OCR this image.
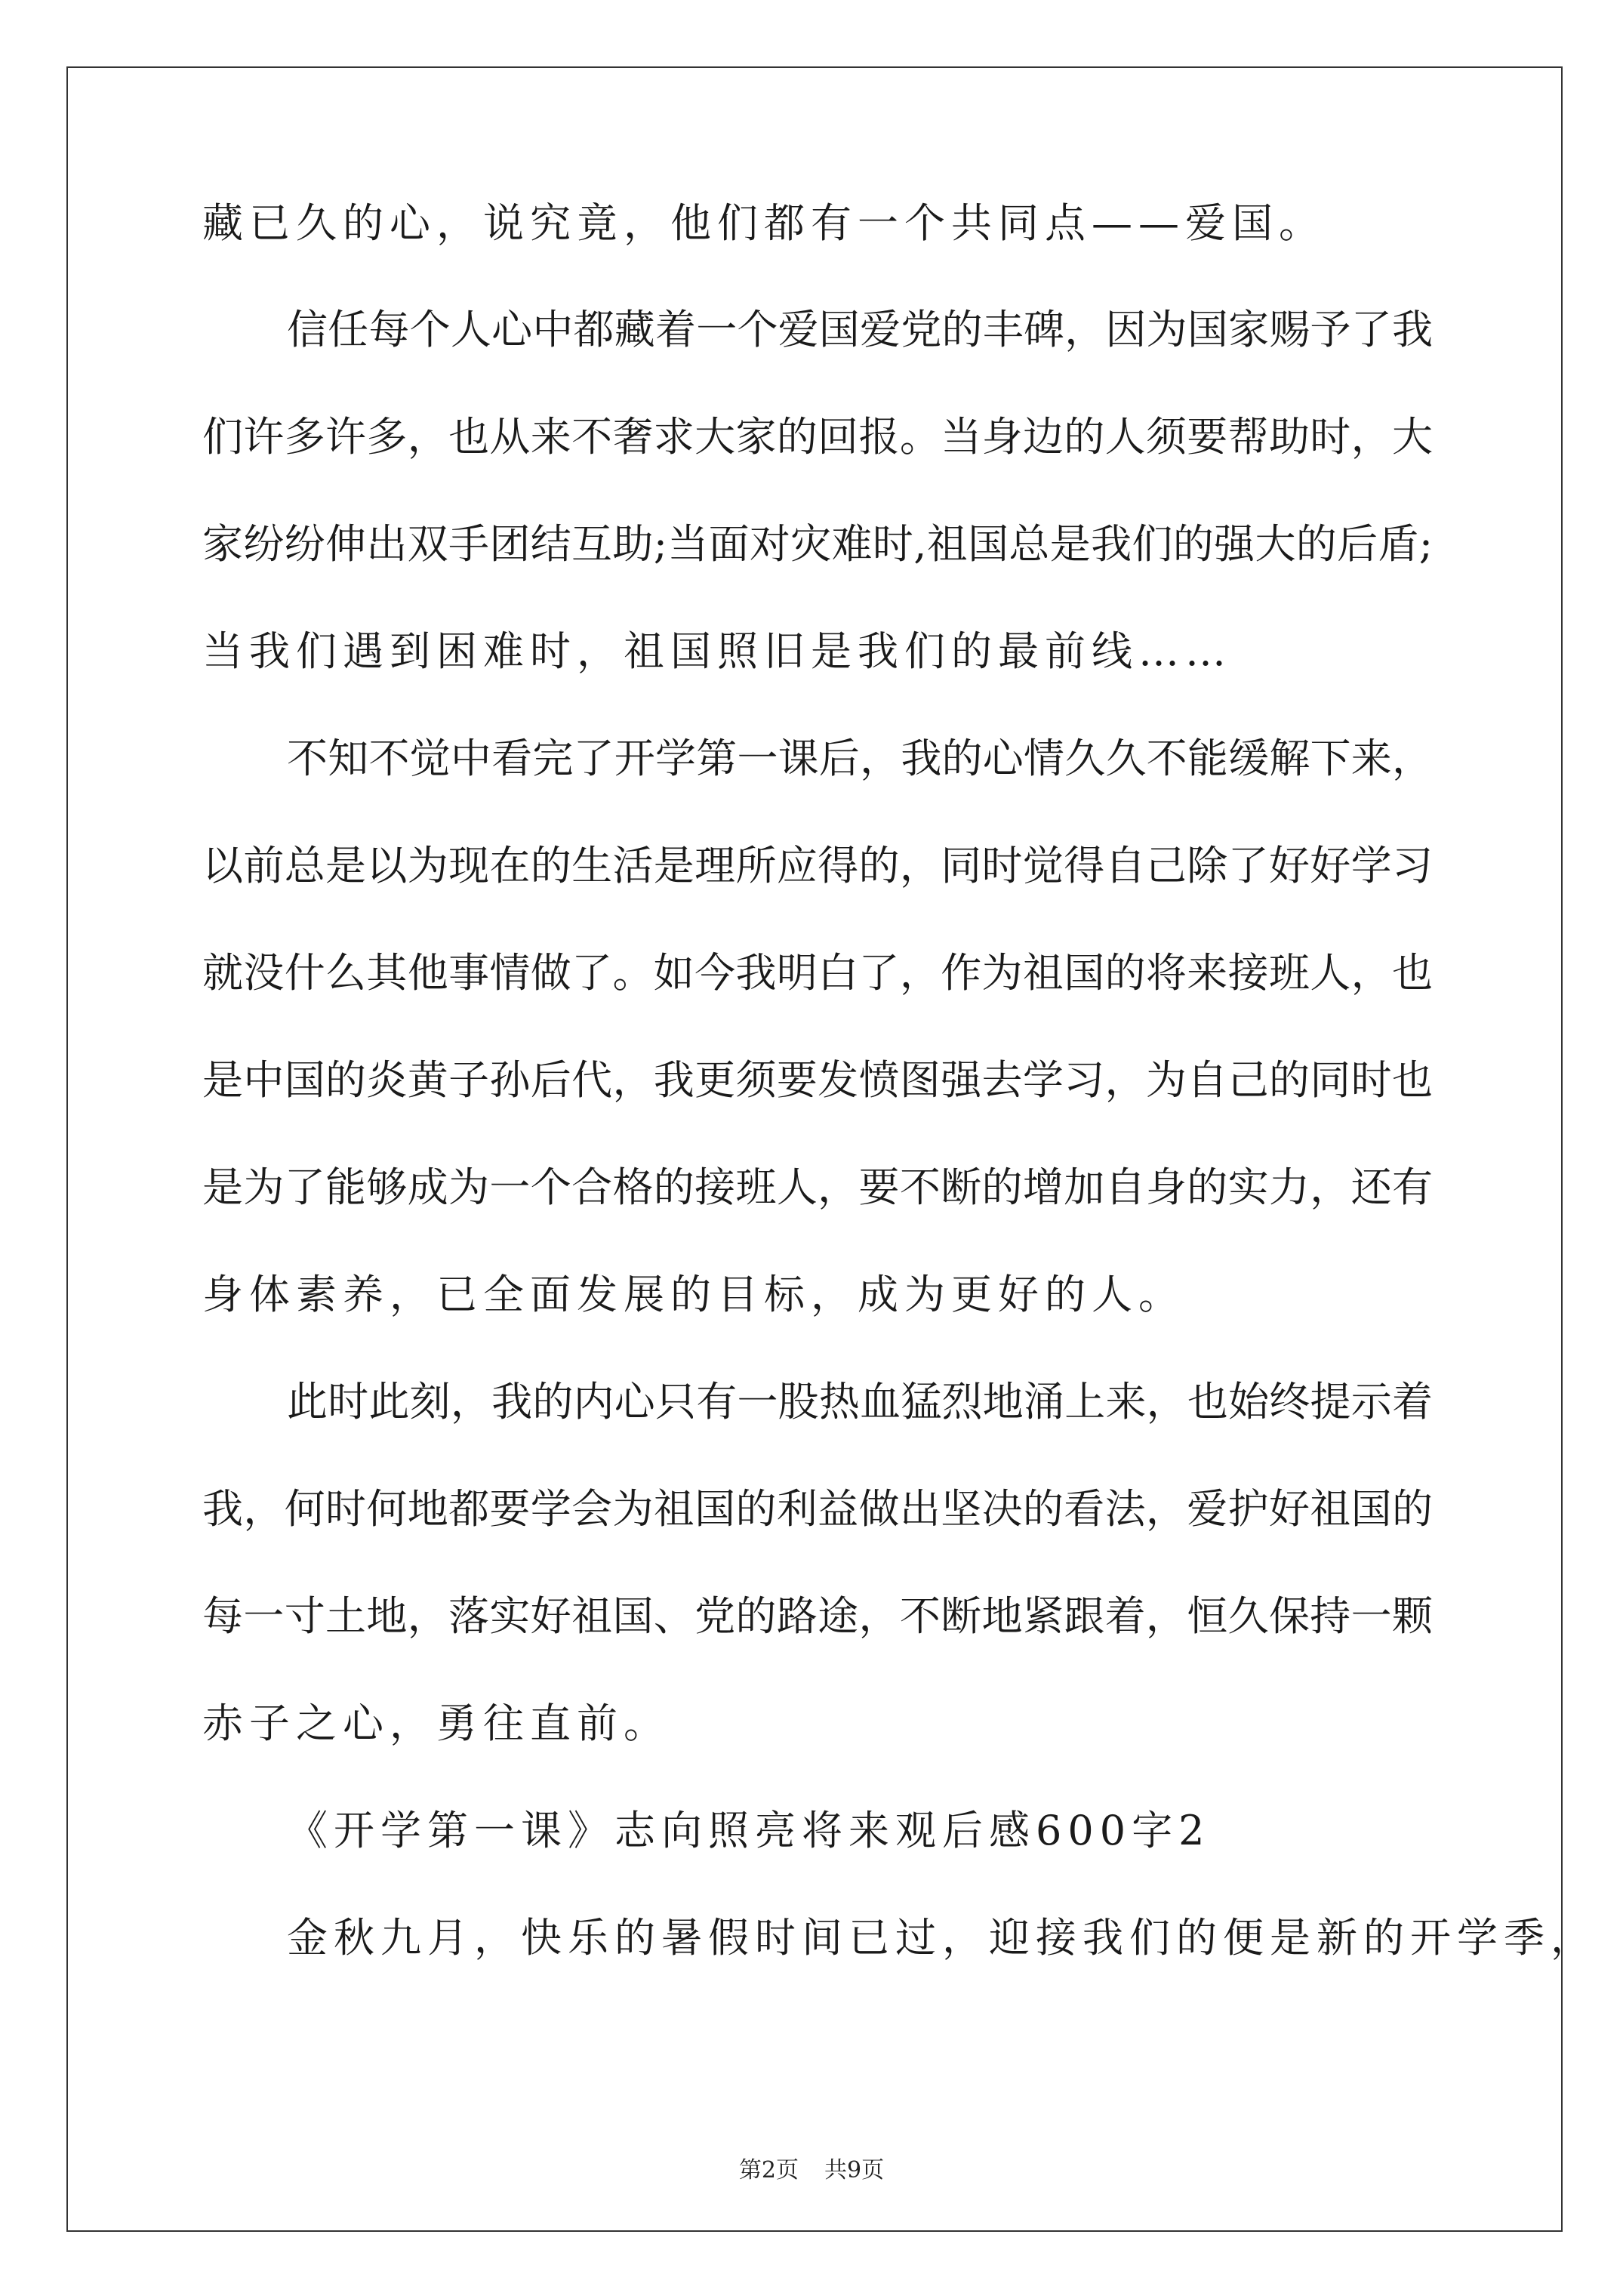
藏已久的心，说究竟，他们都有一个共同点——爱国。
信任每个人心中都藏着一个爱国爱党的丰碑，因为国家赐予了我
们许多许多，也从来不奢求大家的回报。当身边的人须要帮助时，大
家纷纷伸出双手团结互助;当面对灾难时,祖国总是我们的强大的后盾;
当我们遇到困难时，祖国照旧是我们的最前线……
不知不觉中看完了开学第一课后，我的心情久久不能缓解下来，
以前总是以为现在的生活是理所应得的，同时觉得自己除了好好学习
就没什么其他事情做了。如今我明白了，作为祖国的将来接班人，也
是中国的炎黄子孙后代，我更须要发愤图强去学习，为自己的同时也
是为了能够成为一个合格的接班人，要不断的增加自身的实力，还有
身体素养，已全面发展的目标，成为更好的人。
此时此刻，我的内心只有一股热血猛烈地涌上来，也始终提示着
我，何时何地都要学会为祖国的利益做出坚决的看法，爱护好祖国的
每一寸土地，落实好祖国、党的路途，不断地紧跟着，恒久保持一颗
赤子之心，勇往直前。
《开学第一课》志向照亮将来观后感600字2
金秋九月，快乐的暑假时间已过，迎接我们的便是新的开学季，
第2页 共9页
